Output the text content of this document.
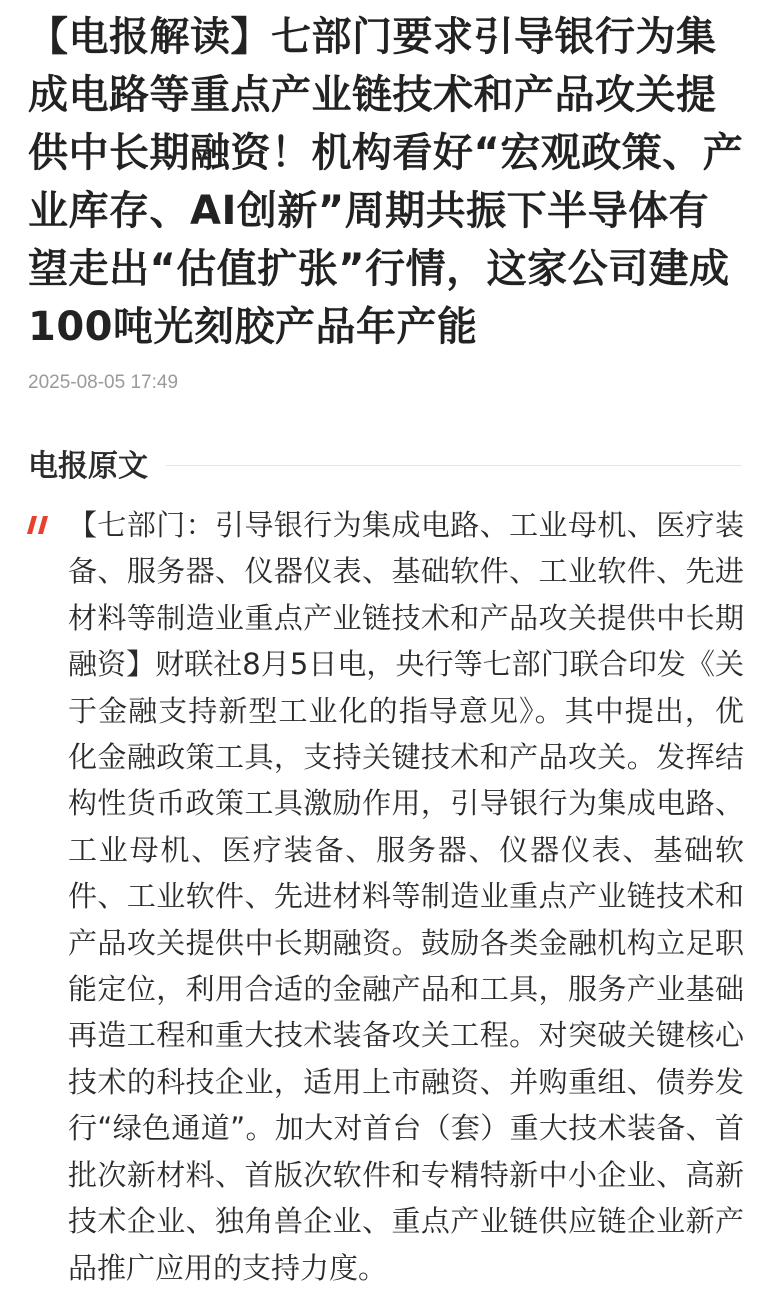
【电报解读】七部门要求引导银行为集成电路等重点产业链技术和产品攻关提供中长期融资！机构看好“宏观政策、产业库存、AI创新”周期共振下半导体有望走出“估值扩张”行情，这家公司建成100吨光刻胶产品年产能
2025-08-05 17:49
电报原文

【七部门：引导银行为集成电路、工业母机、医疗装备、服务器、仪器仪表、基础软件、工业软件、先进材料等制造业重点产业链技术和产品攻关提供中长期融资】财联社8月5日电，央行等七部门联合印发《关于金融支持新型工业化的指导意见》。其中提出，优化金融政策工具，支持关键技术和产品攻关。发挥结构性货币政策工具激励作用，引导银行为集成电路、工业母机、医疗装备、服务器、仪器仪表、基础软件、工业软件、先进材料等制造业重点产业链技术和产品攻关提供中长期融资。鼓励各类金融机构立足职能定位，利用合适的金融产品和工具，服务产业基础再造工程和重大技术装备攻关工程。对突破关键核心技术的科技企业，适用上市融资、并购重组、债券发行“绿色通道”。加大对首台（套）重大技术装备、首批次新材料、首版次软件和专精特新中小企业、高新技术企业、独角兽企业、重点产业链供应链企业新产品推广应用的支持力度。
